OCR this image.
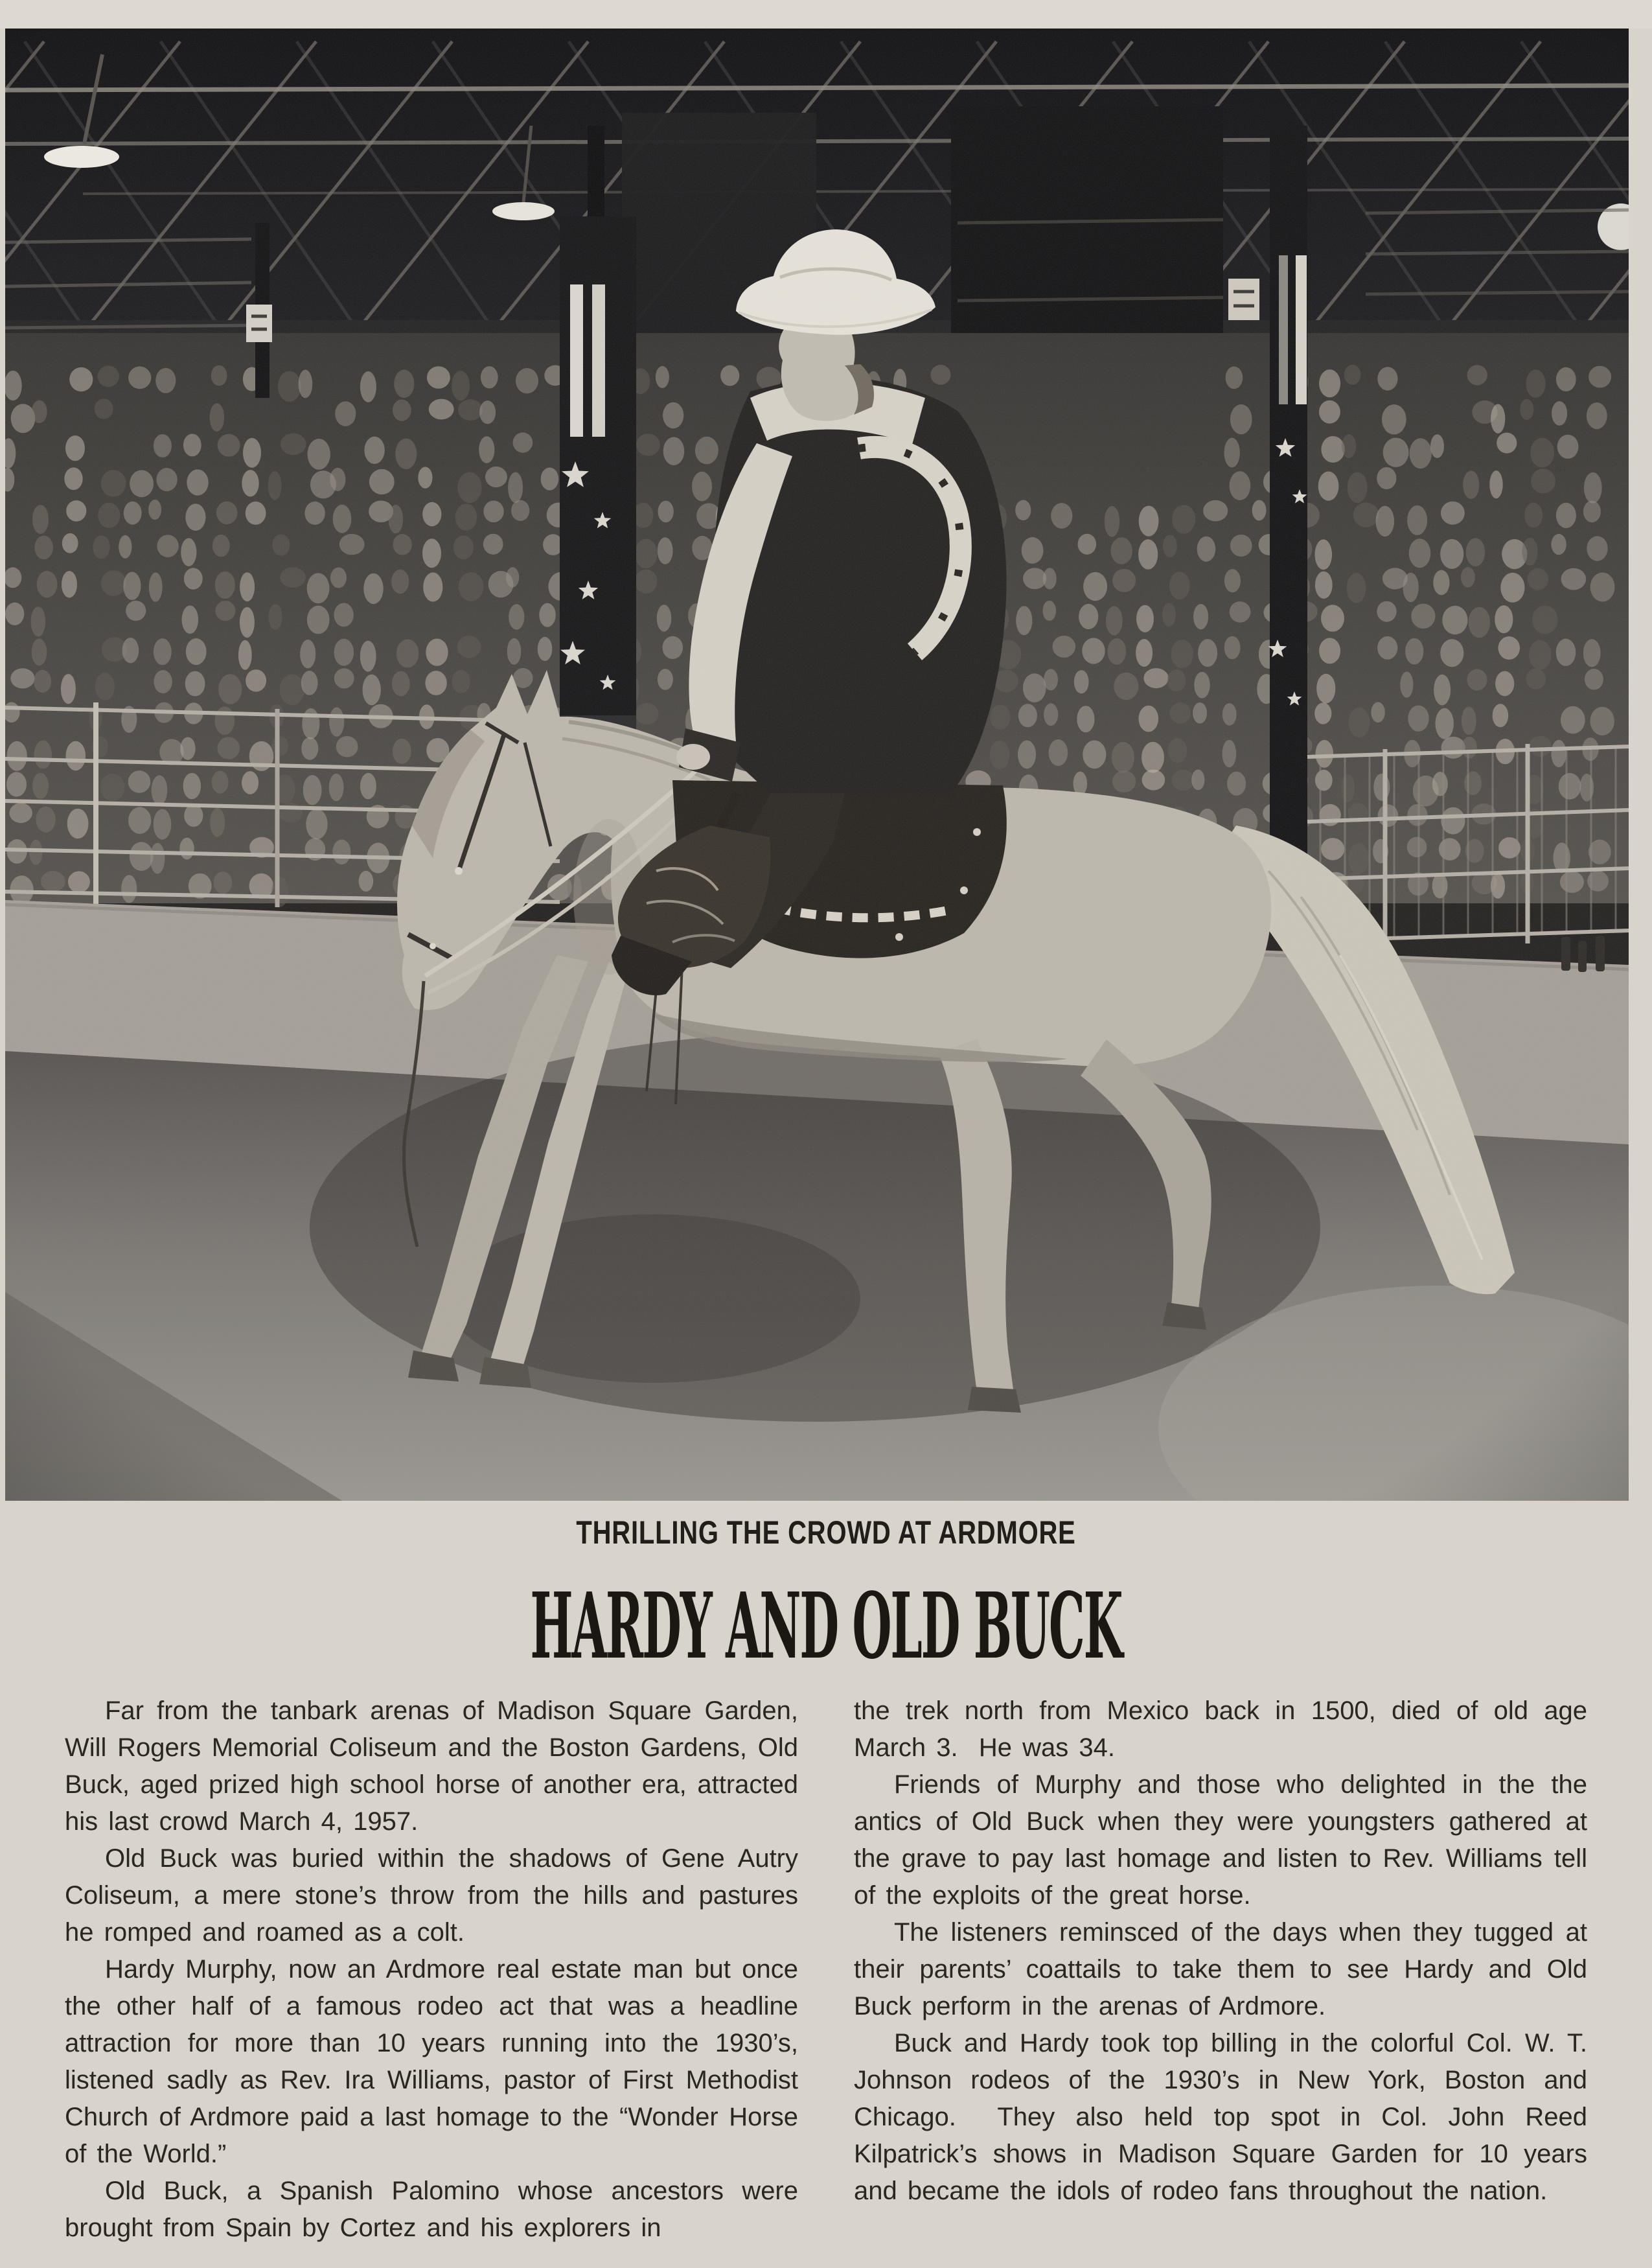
THRILLING THE CROWD AT ARDMORE
HARDY AND OLD BUCK

Far from the tanbark arenas of Madison Square Garden, Will Rogers Memorial Coliseum and the Boston Gardens, Old Buck, aged prized high school horse of another era, attracted his last crowd March 4, 1957.

Old Buck was buried within the shadows of Gene Autry Coliseum, a mere stone’s throw from the hills and pastures he romped and roamed as a colt.

Hardy Murphy, now an Ardmore real estate man but once the other half of a famous rodeo act that was a headline attraction for more than 10 years running into the 1930’s, listened sadly as Rev. Ira Williams, pastor of First Methodist Church of Ardmore paid a last homage to the “Wonder Horse of the World.”

Old Buck, a Spanish Palomino whose ancestors were brought from Spain by Cortez and his explorers in

the trek north from Mexico back in 1500, died of old age March 3.  He was 34.

Friends of Murphy and those who delighted in the the antics of Old Buck when they were youngsters gathered at the grave to pay last homage and listen to Rev. Williams tell of the exploits of the great horse.

The listeners reminsced of the days when they tugged at their parents’ coattails to take them to see Hardy and Old Buck perform in the arenas of Ardmore.

Buck and Hardy took top billing in the colorful Col. W. T. Johnson rodeos of the 1930’s in New York, Boston and Chicago.  They also held top spot in Col. John Reed Kilpatrick’s shows in Madison Square Garden for 10 years and became the idols of rodeo fans throughout the nation.
